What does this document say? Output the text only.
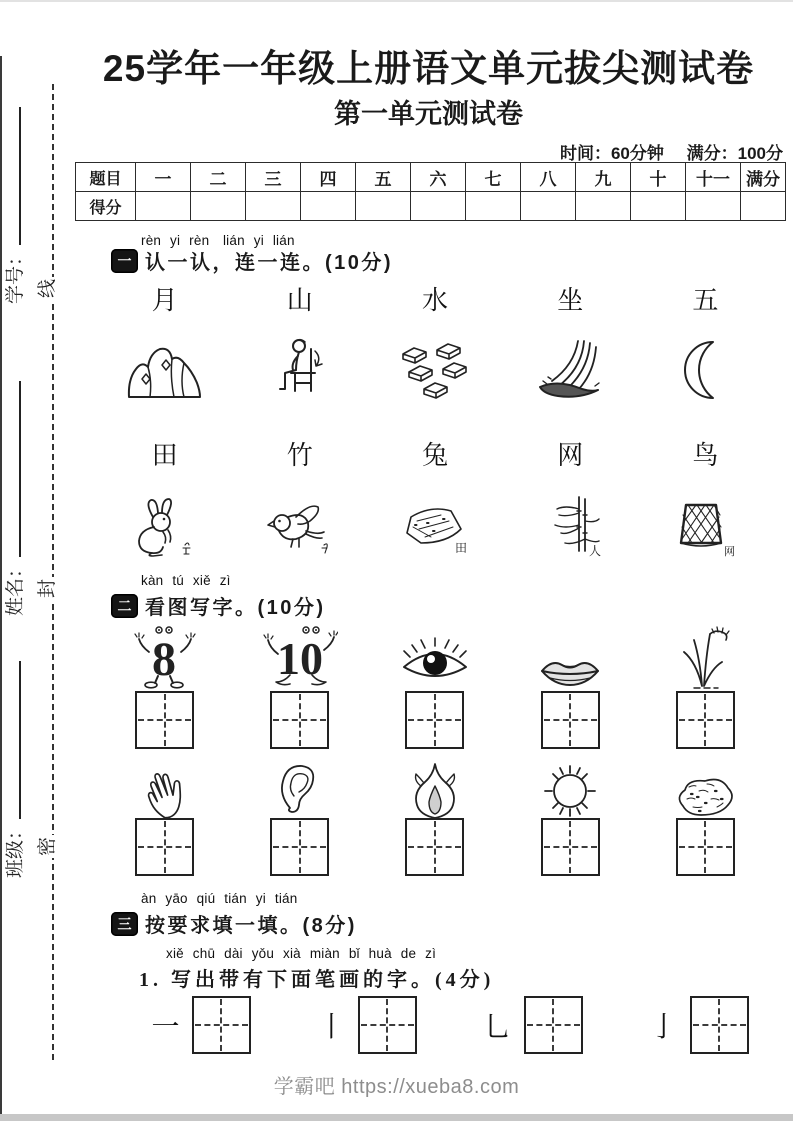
学号：
姓名：
班级：
线
封
密
25学年一年级上册语文单元拔尖测试卷
第一单元测试卷
时间：60分钟 满分：100分
题目	一	二	三	四	五	六	七	八	九	十	十一	满分
得分												
rèn yi rèn　lián yi lián
一 认一认，连一连。(10分)
月	山	水	坐	五
田	竹	兔	网	鸟
田	人	网
kàn tú xiě zì
二 看图写字。(10分)
8 10
àn yāo qiú tián yi tián
三 按要求填一填。(8分)
xiě chū dài yǒu xià miàn bǐ huà de zì
1. 写出带有下面笔画的字。(4分)
一	丨	乚	亅
学霸吧 https://xueba8.com
